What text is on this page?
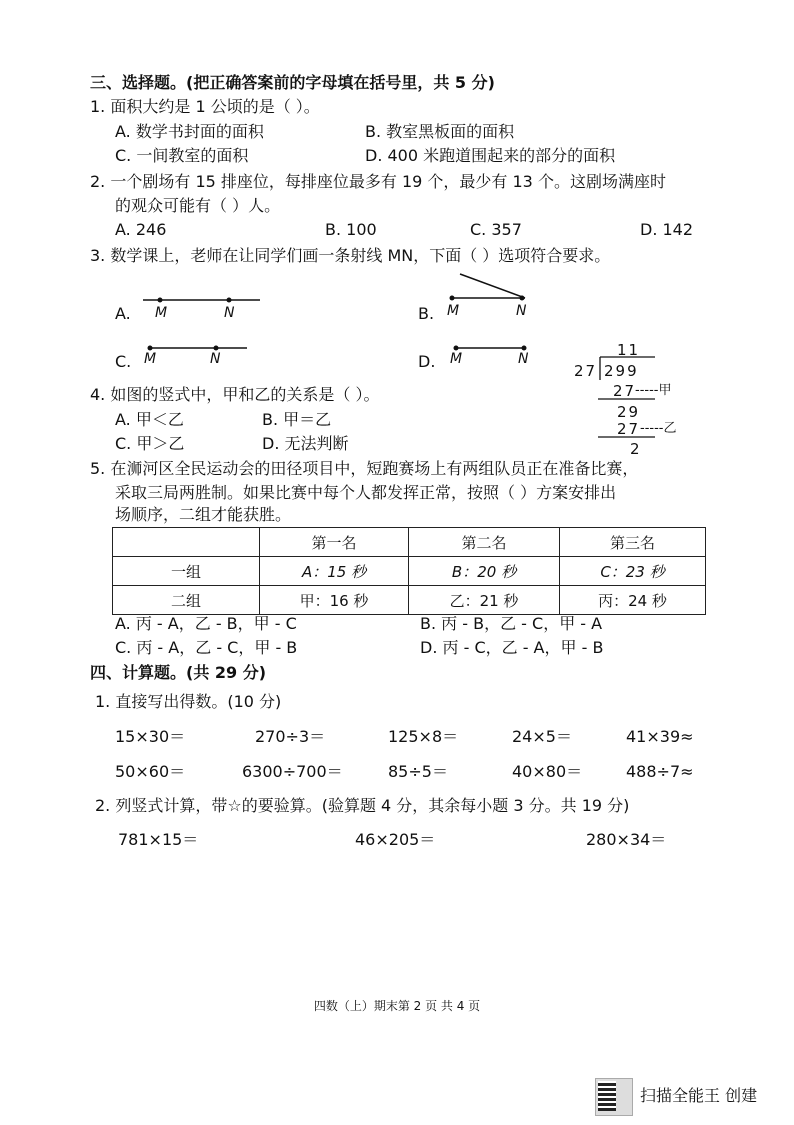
三、选择题。(把正确答案前的字母填在括号里，共 5 分)
1. 面积大约是 1 公顷的是（ ）。
A. 数学书封面的面积	B. 教室黑板面的面积
C. 一间教室的面积	D. 400 米跑道围起来的部分的面积
2. 一个剧场有 15 排座位，每排座位最多有 19 个，最少有 13 个。这剧场满座时
的观众可能有（ ）人。
A. 246	B. 100	C. 357	D. 142
3. 数学课上，老师在让同学们画一条射线 MN，下面（ ）选项符合要求。
A. M	N	B. M	N
C. M	N	D. M	N	11
27 299
27
-----甲
29
27 -----乙
2
4. 如图的竖式中，甲和乙的关系是（ ）。
A. 甲＜乙	B. 甲＝乙
C. 甲＞乙	D. 无法判断
5. 在浉河区全民运动会的田径项目中，短跑赛场上有两组队员正在准备比赛，
采取三局两胜制。如果比赛中每个人都发挥正常，按照（ ）方案安排出
场顺序，二组才能获胜。
	第一名	第二名	第三名
一组	A：15 秒	B：20 秒	C：23 秒
二组	甲：16 秒	乙：21 秒	丙：24 秒
A. 丙 - A，乙 - B，甲 - C	B. 丙 - B，乙 - C，甲 - A
C. 丙 - A，乙 - C，甲 - B	D. 丙 - C，乙 - A，甲 - B
四、计算题。(共 29 分)
1. 直接写出得数。(10 分)
15×30＝	270÷3＝	125×8＝	24×5＝	41×39≈
50×60＝	6300÷700＝	85÷5＝	40×80＝	488÷7≈
2. 列竖式计算，带☆的要验算。(验算题 4 分，其余每小题 3 分。共 19 分)
781×15＝	46×205＝	280×34＝
四数（上）期末第 2 页 共 4 页
扫描全能王 创建
